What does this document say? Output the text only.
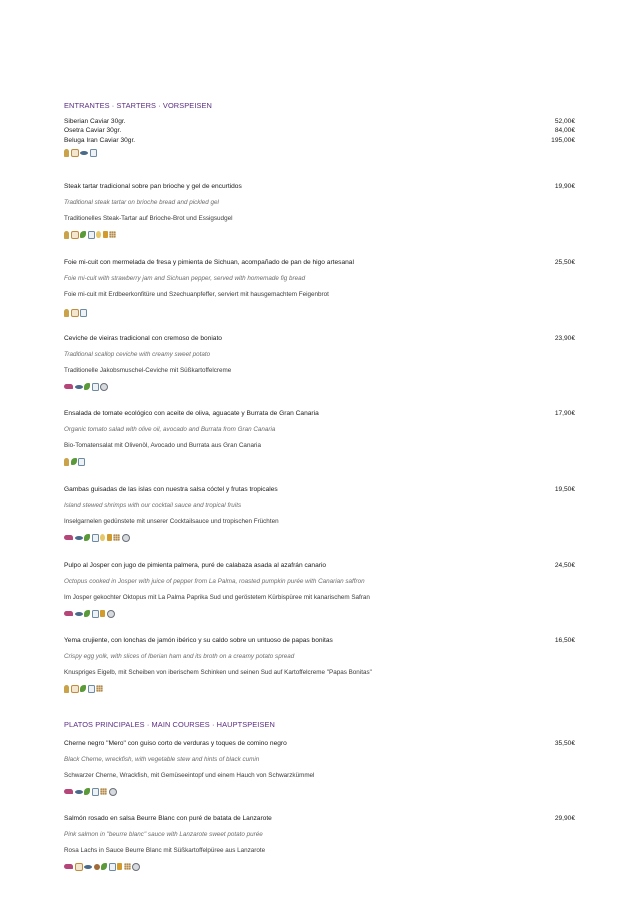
ENTRANTES · STARTERS · VORSPEISEN
Siberian Caviar 30gr.	52,00€
Osetra Caviar 30gr.	84,00€
Beluga Iran Caviar 30gr.	195,00€
Steak tartar tradicional sobre pan brioche y gel de encurtidos	19,90€
Traditional steak tartar on brioche bread and pickled gel
Traditionelles Steak-Tartar auf Brioche-Brot und Essigsudgel
Foie mi-cuit con mermelada de fresa y pimienta de Sichuan, acompañado de pan de higo artesanal	25,50€
Foie mi-cuit with strawberry jam and Sichuan pepper, served with homemade fig bread
Foie mi-cuit mit Erdbeerkonfitüre und Szechuanpfeffer, serviert mit hausgemachtem Feigenbrot
Ceviche de vieiras tradicional con cremoso de boniato	23,90€
Traditional scallop ceviche with creamy sweet potato
Traditionelle Jakobsmuschel-Ceviche mit Süßkartoffelcreme
Ensalada de tomate ecológico con aceite de oliva, aguacate y Burrata de Gran Canaria	17,90€
Organic tomato salad with olive oil, avocado and Burrata from Gran Canaria
Bio-Tomatensalat mit Olivenöl, Avocado und Burrata aus Gran Canaria
Gambas guisadas de las islas con nuestra salsa cóctel y frutas tropicales	19,50€
Island stewed shrimps with our cocktail sauce and tropical fruits
Inselgarnelen gedünstete mit unserer Cocktailsauce und tropischen Früchten
Pulpo al Josper con jugo de pimienta palmera, puré de calabaza asada al azafrán canario	24,50€
Octopus cooked in Josper with juice of pepper from La Palma, roasted pumpkin purée with Canarian saffron
Im Josper gekochter Oktopus mit La Palma Paprika Sud und geröstetem Kürbispüree mit kanarischem Safran
Yema crujiente, con lonchas de jamón ibérico y su caldo sobre un untuoso de papas bonitas	16,50€
Crispy egg yolk, with slices of Iberian ham and its broth on a creamy potato spread
Knuspriges Eigelb, mit Scheiben von iberischem Schinken und seinen Sud auf Kartoffelcreme "Papas Bonitas"
PLATOS PRINCIPALES · MAIN COURSES · HAUPTSPEISEN
Cherne negro "Mero" con guiso corto de verduras y toques de comino negro	35,50€
Black Cherne, wreckfish, with vegetable stew and hints of black cumin
Schwarzer Cherne, Wrackfish, mit Gemüseeintopf und einem Hauch von Schwarzkümmel
Salmón rosado en salsa Beurre Blanc con puré de batata de Lanzarote	29,90€
Pink salmon in "beurre blanc" sauce with Lanzarote sweet potato purée
Rosa Lachs in Sauce Beurre Blanc mit Süßkartoffelpüree aus Lanzarote
